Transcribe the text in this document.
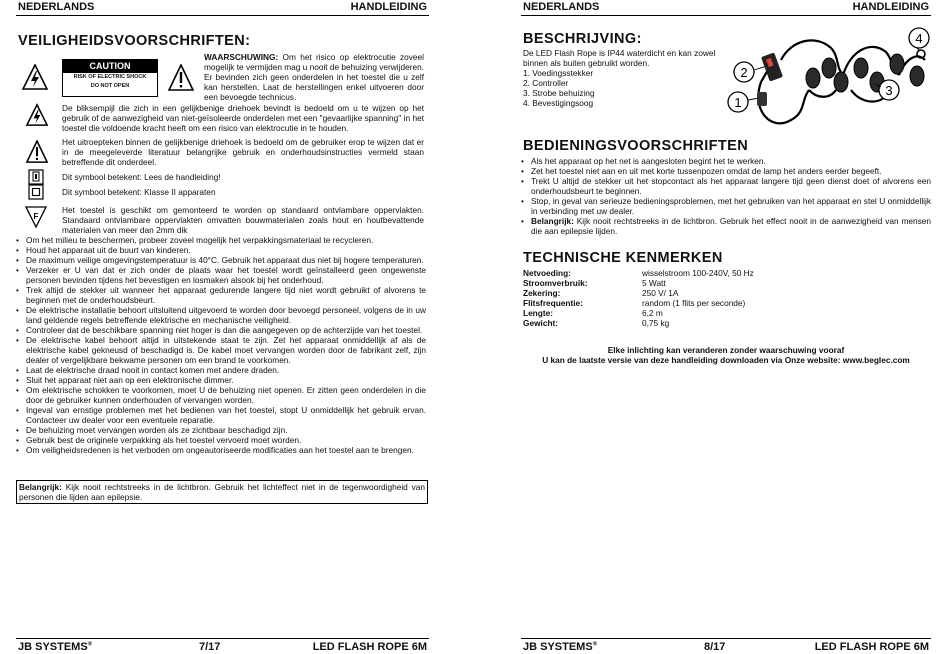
NEDERLANDS	HANDLEIDING
VEILIGHEIDSVOORSCHRIFTEN:
CAUTION
RISK OF ELECTRIC SHOCK
DO NOT OPEN
WAARSCHUWING: Om het risico op elektrocutie zoveel mogelijk te vermijden mag u nooit de behuizing verwijderen. Er bevinden zich geen onderdelen in het toestel die u zelf kan herstellen. Laat de herstellingen enkel uitvoeren door een bevoegde technicus.
De bliksempijl die zich in een gelijkbenige driehoek bevindt is bedoeld om u te wijzen op het gebruik of de aanwezigheid van niet-geïsoleerde onderdelen met een "gevaarlijke spanning" in het toestel die voldoende kracht heeft om een risico van elektrocutie in te houden.
Het uitroepteken binnen de gelijkbenige driehoek is bedoeld om de gebruiker erop te wijzen dat er in de meegeleverde literatuur belangrijke gebruik en onderhoudsinstructies vermeld staan betreffende dit onderdeel.
Dit symbool betekent: Lees de handleiding!
Dit symbool betekent: Klasse II apparaten
F
Het toestel is geschikt om gemonteerd te worden op standaard ontvlambare oppervlakten. Standaard ontvlambare oppervlakten omvatten bouwmaterialen zoals hout en houtbevattende materialen van meer dan 2mm dik
• Om het milieu te beschermen, probeer zoveel mogelijk het verpakkingsmateriaal te recycleren.
• Houd het apparaat uit de buurt van kinderen.
• De maximum veilige omgevingstemperatuur is 40°C. Gebruik het apparaat dus niet bij hogere temperaturen.
• Verzeker er U van dat er zich onder de plaats waar het toestel wordt geïnstalleerd geen ongewenste personen bevinden tijdens het bevestigen en losmaken alsook bij het onderhoud.
• Trek altijd de stekker uit wanneer het apparaat gedurende langere tijd niet wordt gebruikt of alvorens te beginnen met de onderhoudsbeurt.
• De elektrische installatie behoort uitsluitend uitgevoerd te worden door bevoegd personeel, volgens de in uw land geldende regels betreffende elektrische en mechanische veiligheid.
• Controleer dat de beschikbare spanning niet hoger is dan die aangegeven op de achterzijde van het toestel.
• De elektrische kabel behoort altijd in uitstekende staat te zijn. Zet het apparaat onmiddellijk af als de elektrische kabel gekneusd of beschadigd is. De kabel moet vervangen worden door de fabrikant zelf, zijn dealer of vergelijkbare bekwame personen om een brand te voorkomen.
• Laat de elektrische draad nooit in contact komen met andere draden.
• Sluit het apparaat niet aan op een elektronische dimmer.
• Om elektrische schokken te voorkomen, moet U de behuizing niet openen. Er zitten geen onderdelen in die door de gebruiker kunnen onderhouden of vervangen worden.
• Ingeval van ernstige problemen met het bedienen van het toestel, stopt U onmiddellijk het gebruik ervan. Contacteer uw dealer voor een eventuele reparatie.
• De behuizing moet vervangen worden als ze zichtbaar beschadigd zijn.
• Gebruik best de originele verpakking als het toestel vervoerd moet worden.
• Om veiligheidsredenen is het verboden om ongeautoriseerde modificaties aan het toestel aan te brengen.
Belangrijk: Kijk nooit rechtstreeks in de lichtbron. Gebruik het lichteffect niet in de tegenwoordigheid van personen die lijden aan epilepsie.
JB SYSTEMS®	7/17	LED FLASH ROPE 6M
NEDERLANDS	HANDLEIDING
BESCHRIJVING:
De LED Flash Rope is IP44 waterdicht en kan zowel binnen als buiten gebruikt worden.
1. Voedingsstekker
2. Controller
3. Strobe behuizing
4. Bevestigingsoog	1
2
3
4
BEDIENINGSVOORSCHRIFTEN
• Als het apparaat op het net is aangesloten begint het te werken.
• Zet het toestel niet aan en uit met korte tussenpozen omdat de lamp het anders eerder begeeft.
• Trekt U altijd de stekker uit het stopcontact als het apparaat langere tijd geen dienst doet of alvorens een onderhoudsbeurt te beginnen.
• Stop, in geval van serieuze bedieningsproblemen, met het gebruiken van het apparaat en stel U onmiddellijk in verbinding met uw dealer.
• Belangrijk: Kijk nooit rechtstreeks in de lichtbron. Gebruik het effect nooit in de aanwezigheid van mensen die aan epilepsie lijden.
TECHNISCHE KENMERKEN
Netvoeding:	wisselstroom 100-240V, 50 Hz
Stroomverbruik:	5 Watt
Zekering:	250 V/ 1A
Flitsfrequentie:	random (1 flits per seconde)
Lengte:	6,2 m
Gewicht:	0,75 kg
Elke inlichting kan veranderen zonder waarschuwing vooraf
U kan de laatste versie van deze handleiding downloaden via Onze website: www.beglec.com
JB SYSTEMS®	8/17	LED FLASH ROPE 6M
